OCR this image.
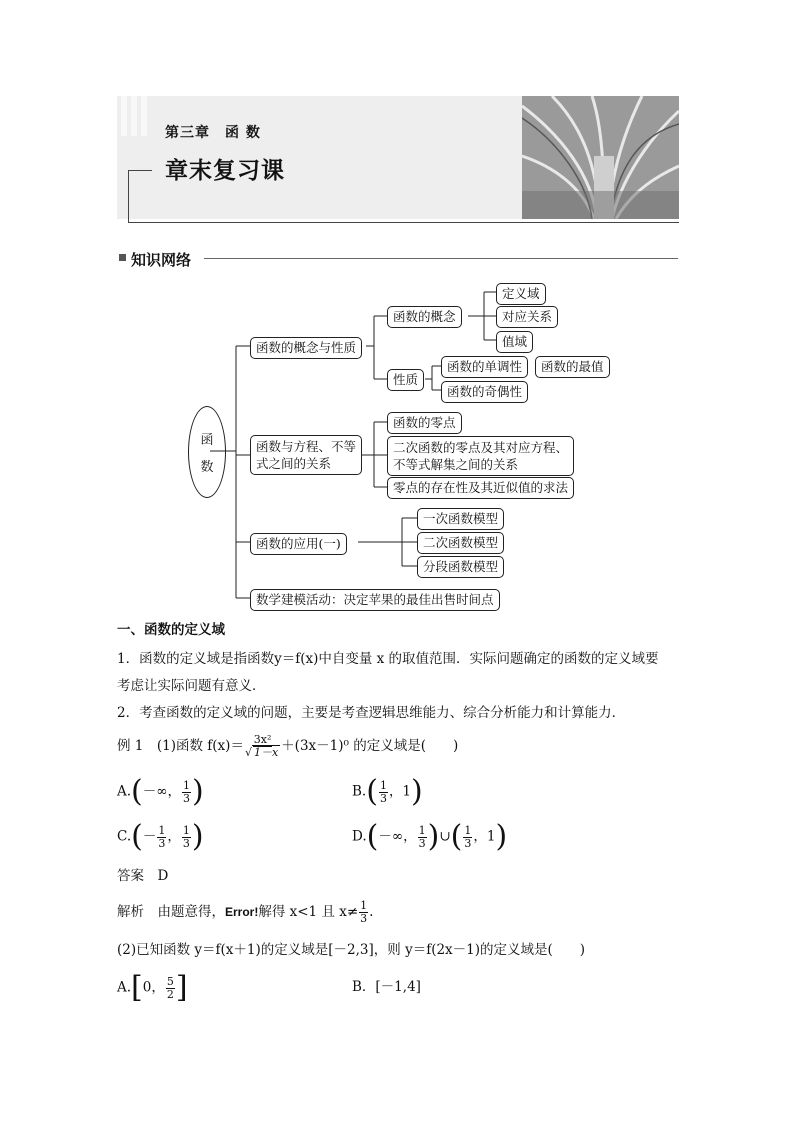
第三章　函 数
章末复习课
知识网络
函
数
函数的概念与性质
函数与方程、不等
式之间的关系
函数的应用(一)
数学建模活动：决定苹果的最佳出售时间点
函数的概念
性质
定义域
对应关系
值域
函数的单调性	函数的最值
函数的奇偶性
函数的零点
二次函数的零点及其对应方程、
不等式解集之间的关系
零点的存在性及其近似值的求法
一次函数模型
二次函数模型
分段函数模型
一、函数的定义域
1．函数的定义域是指函数y＝f(x)中自变量 x 的取值范围．实际问题确定的函数的定义域要
考虑让实际问题有意义．
2．考查函数的定义域的问题，主要是考查逻辑思维能力、综合分析能力和计算能力．
例 1　(1)函数 $f(x)= \frac{\text{3x²}}{√ 1-x} +(3x-1)^0$ 的定义域是(　　)
A.(－∞， $\frac{1}{3}$ )	$B.( \frac{1}{3}$ ，1)
$C.(- \frac{1}{3}$ ， $\frac{1}{3}$ )	D.(－∞， $\frac{1}{3}$ )∪( $\frac{1}{3}$ ，1)
答案　D
解析　由题意得，Error!解得 x<1 且 $x\ne \frac{1}{3}$ .
(2)已知函数 y＝f(x＋1)的定义域是[－2,3]，则 y＝f(2x－1)的定义域是(　　)
A.[0， $\frac{5}{2}$ ]	B．[－1,4]
